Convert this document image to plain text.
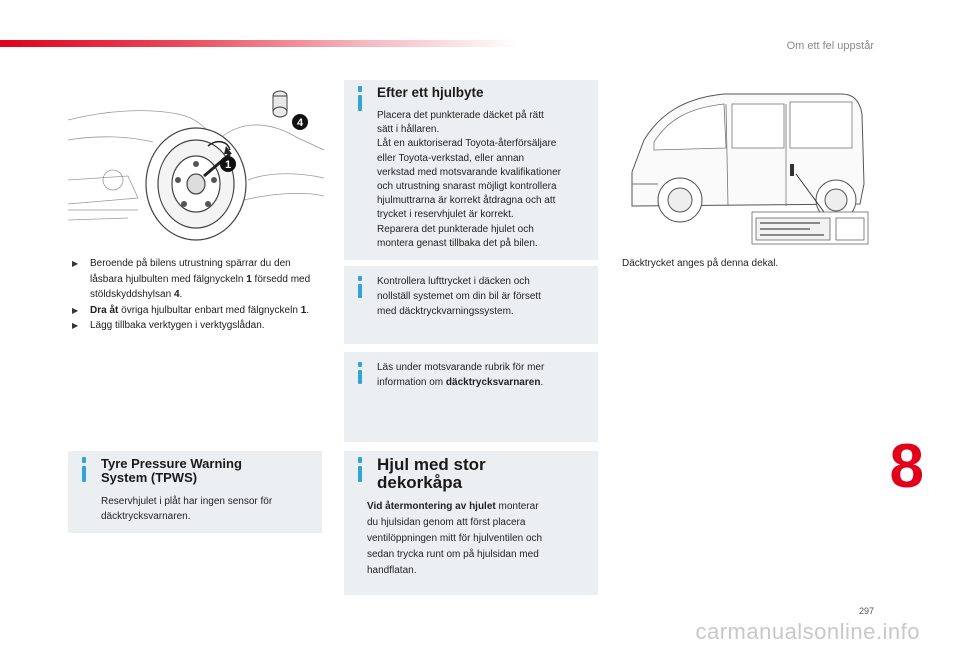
Om ett fel uppstår
1
4
▶ Beroende på bilens utrustning spärrar du den låsbara hjulbulten med fälgnyckeln 1 försedd med stöldskyddshylsan 4.
▶ Dra åt övriga hjulbultar enbart med fälgnyckeln 1.
▶ Lägg tillbaka verktygen i verktygslådan.
Efter ett hjulbyte
Placera det punkterade däcket på rätt
sätt i hållaren.
Låt en auktoriserad Toyota-återförsäljare
eller Toyota-verkstad, eller annan
verkstad med motsvarande kvalifikationer
och utrustning snarast möjligt kontrollera
hjulmuttrarna är korrekt åtdragna och att
trycket i reservhjulet är korrekt.
Reparera det punkterade hjulet och
montera genast tillbaka det på bilen.
Kontrollera lufttrycket i däcken och
nollställ systemet om din bil är försett
med däcktryckvarningssystem.
Läs under motsvarande rubrik för mer
information om däcktrycksvarnaren.
Tyre Pressure Warning
System (TPWS)
Reservhjulet i plåt har ingen sensor för
däcktrycksvarnaren.
Hjul med stor
dekorkåpa
Vid återmontering av hjulet monterar
du hjulsidan genom att först placera
ventilöppningen mitt för hjulventilen och
sedan trycka runt om på hjulsidan med
handflatan.
Däcktrycket anges på denna dekal.
8
297
carmanualsonline.info
